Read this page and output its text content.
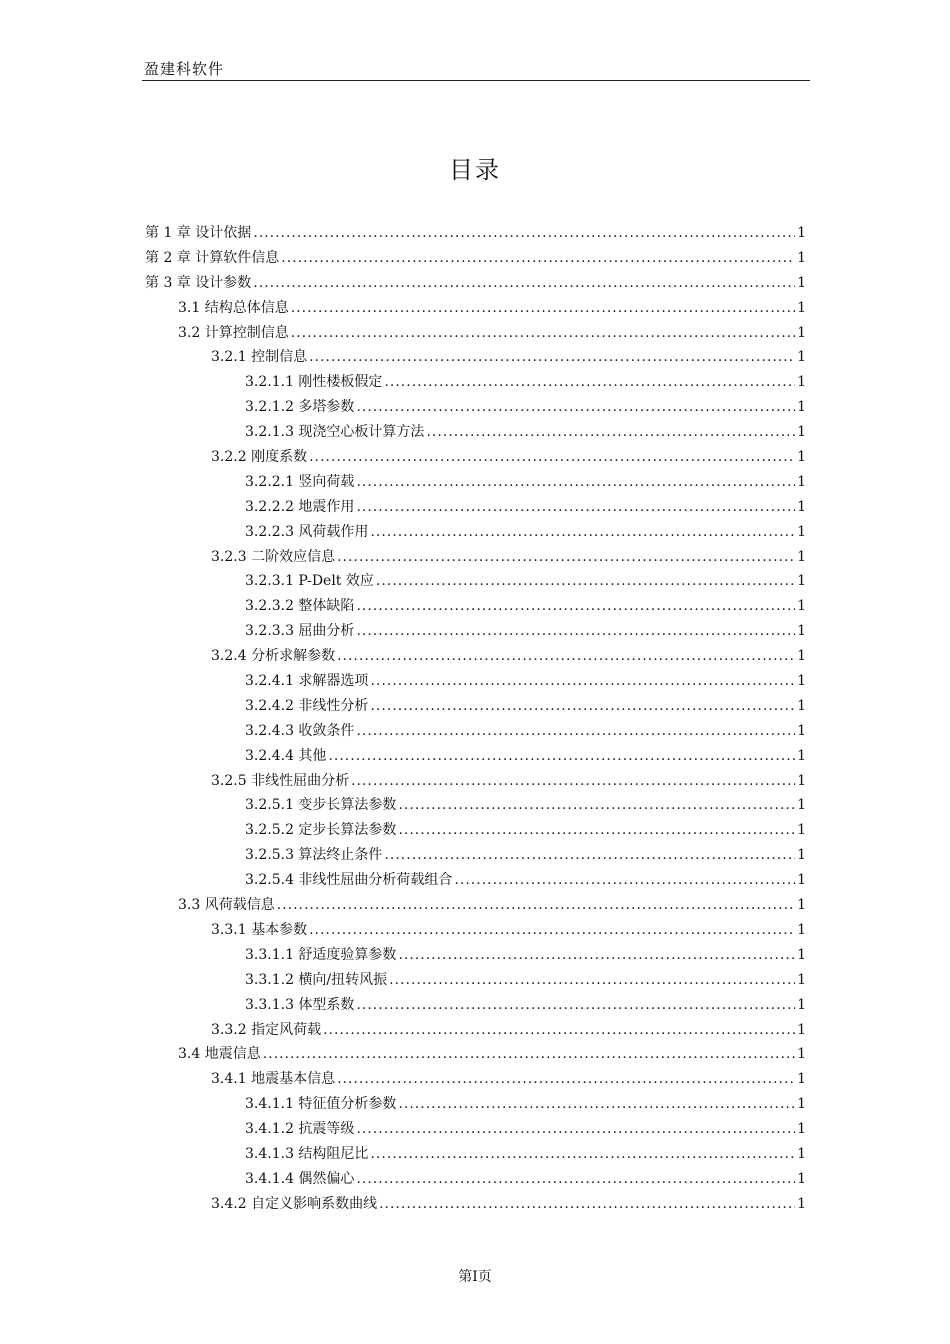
盈建科软件
目录
第 1 章 设计依据 .....	1
第 2 章 计算软件信息 .....	1
第 3 章 设计参数 .....	1
3.1 结构总体信息 .....	1
3.2 计算控制信息 .....	1
3.2.1 控制信息 .....	1
3.2.1.1 刚性楼板假定 .....	1
3.2.1.2 多塔参数 .....	1
3.2.1.3 现浇空心板计算方法 .....	1
3.2.2 刚度系数 .....	1
3.2.2.1 竖向荷载 .....	1
3.2.2.2 地震作用 .....	1
3.2.2.3 风荷载作用 .....	1
3.2.3 二阶效应信息 .....	1
3.2.3.1 P-Delt 效应 .....	1
3.2.3.2 整体缺陷 .....	1
3.2.3.3 屈曲分析 .....	1
3.2.4 分析求解参数 .....	1
3.2.4.1 求解器选项 .....	1
3.2.4.2 非线性分析 .....	1
3.2.4.3 收敛条件 .....	1
3.2.4.4 其他 .....	1
3.2.5 非线性屈曲分析 .....	1
3.2.5.1 变步长算法参数 .....	1
3.2.5.2 定步长算法参数 .....	1
3.2.5.3 算法终止条件 .....	1
3.2.5.4 非线性屈曲分析荷载组合 .....	1
3.3 风荷载信息 .....	1
3.3.1 基本参数 .....	1
3.3.1.1 舒适度验算参数 .....	1
3.3.1.2 横向/扭转风振 .....	1
3.3.1.3 体型系数 .....	1
3.3.2 指定风荷载 .....	1
3.4 地震信息 .....	1
3.4.1 地震基本信息 .....	1
3.4.1.1 特征值分析参数 .....	1
3.4.1.2 抗震等级 .....	1
3.4.1.3 结构阻尼比 .....	1
3.4.1.4 偶然偏心 .....	1
3.4.2 自定义影响系数曲线 .....	1
第I页
